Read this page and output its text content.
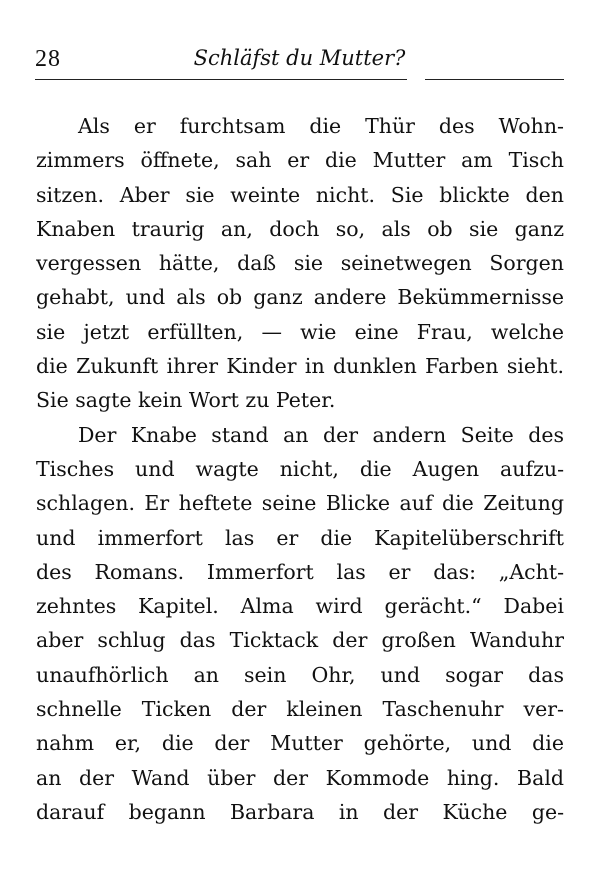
28	Schläfst du Mutter?
Als er furchtsam die Thür des Wohn-
zimmers öffnete, sah er die Mutter am Tisch
sitzen. Aber sie weinte nicht. Sie blickte den
Knaben traurig an, doch so, als ob sie ganz
vergessen hätte, daß sie seinetwegen Sorgen
gehabt, und als ob ganz andere Bekümmernisse
sie jetzt erfüllten, — wie eine Frau, welche
die Zukunft ihrer Kinder in dunklen Farben sieht.
Sie sagte kein Wort zu Peter.
Der Knabe stand an der andern Seite des
Tisches und wagte nicht, die Augen aufzu-
schlagen. Er heftete seine Blicke auf die Zeitung
und immerfort las er die Kapitelüberschrift
des Romans. Immerfort las er das: „Acht-
zehntes Kapitel. Alma wird gerächt.“ Dabei
aber schlug das Ticktack der großen Wanduhr
unaufhörlich an sein Ohr, und sogar das
schnelle Ticken der kleinen Taschenuhr ver-
nahm er, die der Mutter gehörte, und die
an der Wand über der Kommode hing. Bald
darauf begann Barbara in der Küche ge-
